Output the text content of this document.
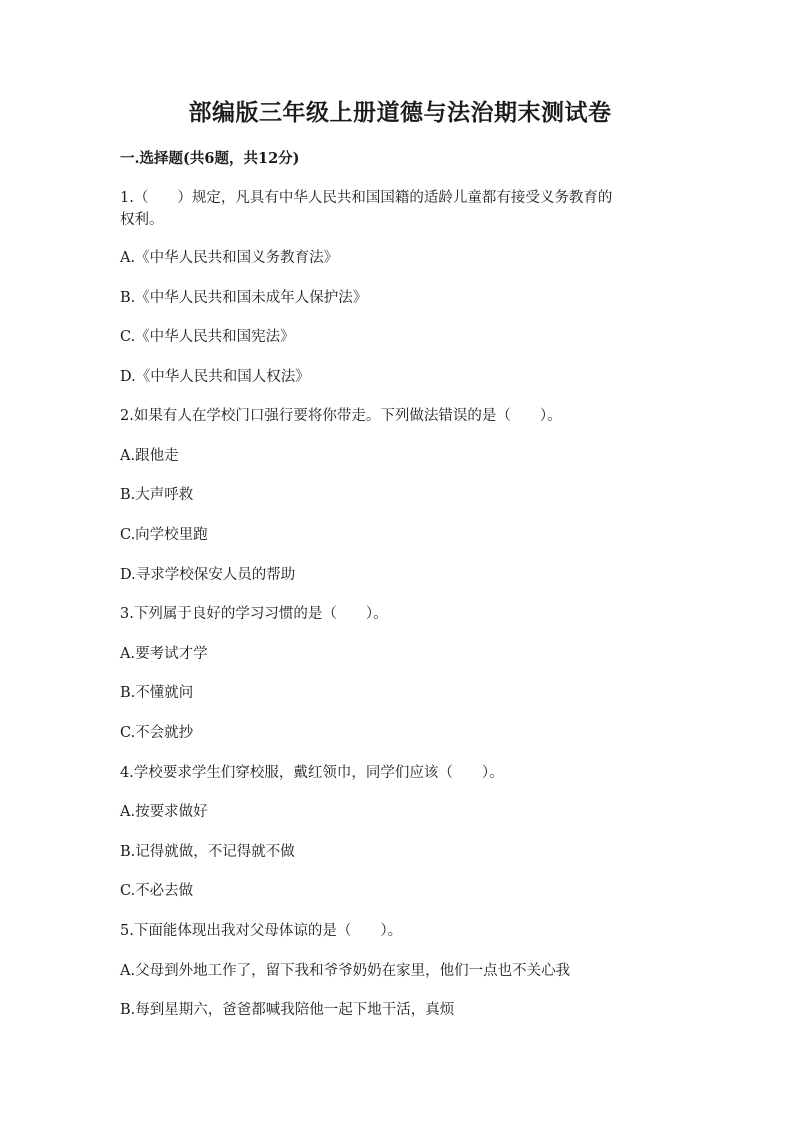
部编版三年级上册道德与法治期末测试卷
一.选择题(共6题，共12分)
1.（　　）规定，凡具有中华人民共和国国籍的适龄儿童都有接受义务教育的
权利。
A.《中华人民共和国义务教育法》
B.《中华人民共和国未成年人保护法》
C.《中华人民共和国宪法》
D.《中华人民共和国人权法》
2.如果有人在学校门口强行要将你带走。下列做法错误的是（　　）。
A.跟他走
B.大声呼救
C.向学校里跑
D.寻求学校保安人员的帮助
3.下列属于良好的学习习惯的是（　　）。
A.要考试才学
B.不懂就问
C.不会就抄
4.学校要求学生们穿校服，戴红领巾，同学们应该（　　）。
A.按要求做好
B.记得就做，不记得就不做
C.不必去做
5.下面能体现出我对父母体谅的是（　　）。
A.父母到外地工作了，留下我和爷爷奶奶在家里，他们一点也不关心我
B.每到星期六，爸爸都喊我陪他一起下地干活，真烦
